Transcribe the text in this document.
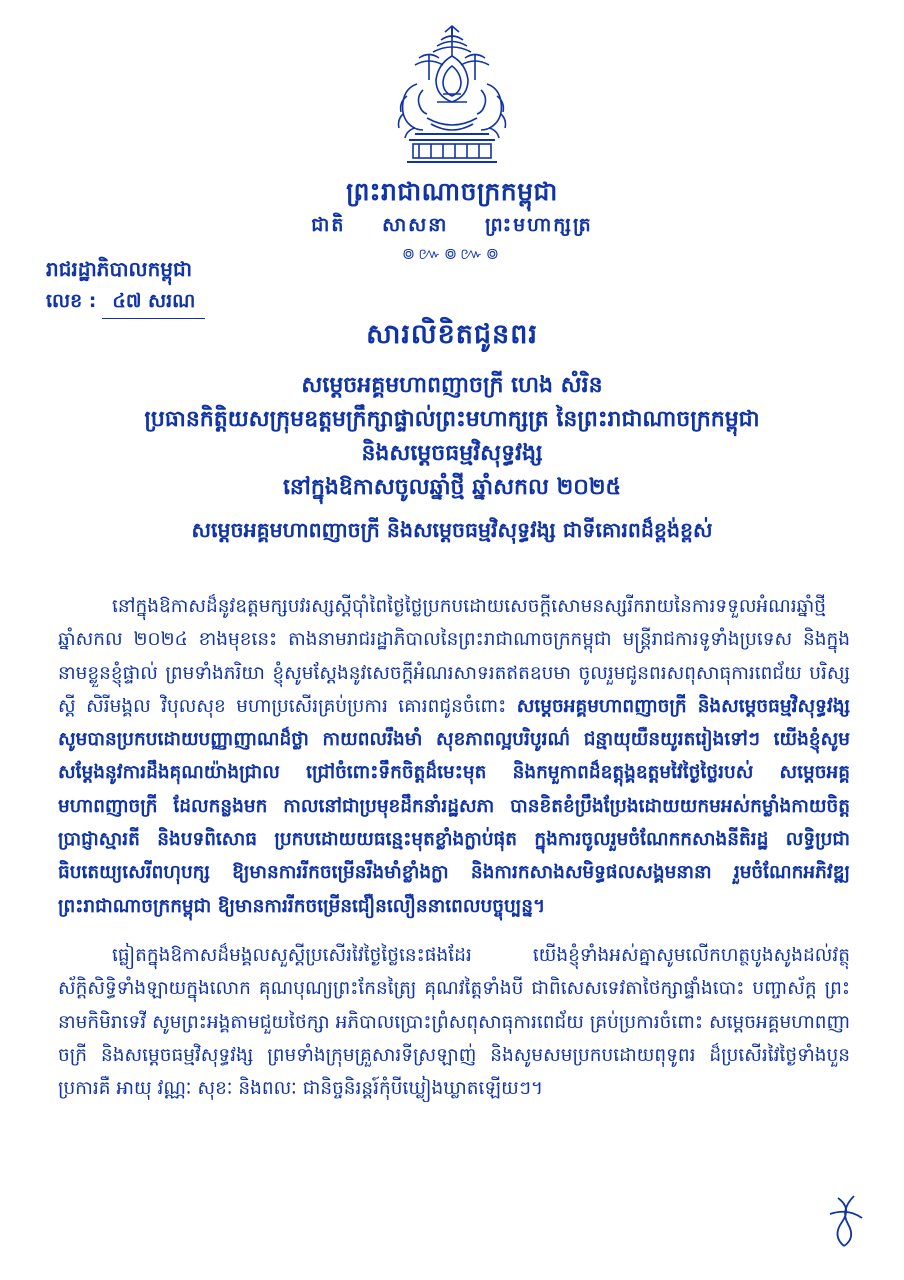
ព្រះរាជាណាចក្រកម្ពុជា
ជាតិ សាសនា ព្រះមហាក្សត្រ
៙៚៙៚៙
រាជរដ្ឋាភិបាលកម្ពុជា
លេខ : ៤៧ សរណ
សារលិខិតជូនពរ
សម្តេចអគ្គមហាពញាចក្រី ហេង សំរិន
ប្រធានកិត្តិយសក្រុមឧត្តមក្រឹក្សាផ្ទាល់ព្រះមហាក្សត្រ នៃព្រះរាជាណាចក្រកម្ពុជា
និងសម្តេចធម្មវិសុទ្ធវង្ស
នៅក្នុងឱកាសចូលឆ្នាំថ្មី ឆ្នាំសកល ២០២៥
សម្តេចអគ្គមហាពញាចក្រី និងសម្តេចធម្មវិសុទ្ធវង្ស ជាទីគោរពដ៏ខ្ពង់ខ្ពស់

នៅក្នុងឱកាសដ៏នូវឧត្តមក្សបវរស្សស្តីប៉ាំពៃថ្ងៃថ្លៃប្រកបដោយសេចក្តីសោមនស្សរីករាយនៃការទទួលអំណរឆ្នាំថ្មី ឆ្នាំសកល ២០២៤ ខាងមុខនេះ តាងនាមរាជរដ្ឋាភិបាលនៃព្រះរាជាណាចក្រកម្ពុជា មន្ត្រីរាជការទូទាំងប្រទេស និងក្នុងនាមខ្លួនខ្ញុំផ្ទាល់ ព្រមទាំងភរិយា ខ្ញុំសូមស្តែងនូវសេចក្តីអំណរសាទរតឥតឧបមា ចូលរួមជូនពរសពុសាធុការពេជ័យ បរិស្សស្តី សិរីមង្គល វិបុលសុខ មហាប្រសើរគ្រប់ប្រការ គោរពជូនចំពោះ សម្តេចអគ្គមហាពញាចក្រី និងសម្តេចធម្មវិសុទ្ធវង្ស សូមបានប្រកបដោយបញ្ញាញាណដ៏ថ្លា កាយពលរឹងមាំ សុខភាពល្អបរិបូរណ៌ ជន្មាយុយឺនយូរតរៀងទៅៗ យើងខ្ញុំសូម សម្តែងនូវការដឹងគុណយ៉ាងជ្រាល ជ្រៅចំពោះទឹកចិត្តដ៏មេះមុត និងកមួកាពដ៏ឧត្តុង្គឧត្តមវៃថ្ងៃថ្លៃរបស់ សម្តេចអគ្គមហាពញាចក្រី ដែលកន្លងមក កាលនៅជាប្រមុខដឹកនាំរដ្ឋសភា បានខិតខំប្រឹងប្រែងដោយយកមអស់កម្លាំងកាយចិត្ត ប្រាជ្ញាស្មារតី និងបទពិសោធ ប្រកបដោយយធន្មេះមុតខ្លាំងក្លាប់ផុត ក្នុងការចូលរួមចំណែកកសាងនីតិរដ្ឋ លទ្ធិប្រជាធិបតេយ្យសេរីពហុបក្ស ឱ្យមានការរីកចម្រើនរឹងមាំខ្លាំងក្លា និងការកសាងសមិទ្ធផលសង្គមនានា រួមចំណែកអភិវឌ្ឍព្រះរាជាណាចក្រកម្ពុជា ឱ្យមានការរីកចម្រើនជឿនលឿននាពេលបច្ចុប្បន្ន។

ធ្លៀតក្នុងឱកាសដ៏មង្គលសួស្តីប្រសើរវៃថ្ងៃថ្លៃនេះផងដែរ យើងខ្ញុំទាំងអស់គ្នាសូមលើកហត្ថបូងសូងដល់វត្ថុស័ក្តិសិទ្ធិទាំងឡាយក្នុងលោក គុណបុណ្យព្រះកែនត្រៃ្យ គុណវត្តៃទាំងបី ជាពិសេសទេវតាថៃក្សាផ្ទាំងបោះ បញ្ចាស័ក្ត ព្រះនាមកិមិរាទេវី សូមព្រះអង្គតាមជួយថៃក្សា អភិបាលប្រោះព្រំសពុសាធុការពេជ័យ គ្រប់ប្រការចំពោះ សម្តេចអគ្គមហាពញាចក្រី និងសម្តេចធម្មវិសុទ្ធវង្ស ព្រមទាំងក្រុមគ្រួសារទីស្រឡាញ់ និងសូមសមប្រកបដោយពុទូពរ ដ៏ប្រសើរវៃថ្ងៃទាំងបួនប្រការគឺ អាយុ វណ្ណៈ សុខៈ និងពលៈ ជានិច្ចនិរន្តរ៍កុំបីឃ្លៀងឃ្លាតឡើយៗ។
